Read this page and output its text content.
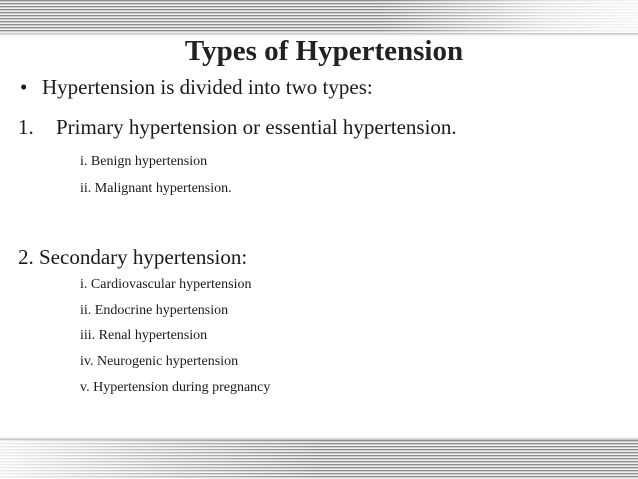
Types of Hypertension
• Hypertension is divided into two types:
1. Primary hypertension or essential hypertension.
i. Benign hypertension
ii. Malignant hypertension.
2. Secondary hypertension:
i. Cardiovascular hypertension
ii. Endocrine hypertension
iii. Renal hypertension
iv. Neurogenic hypertension
v. Hypertension during pregnancy
